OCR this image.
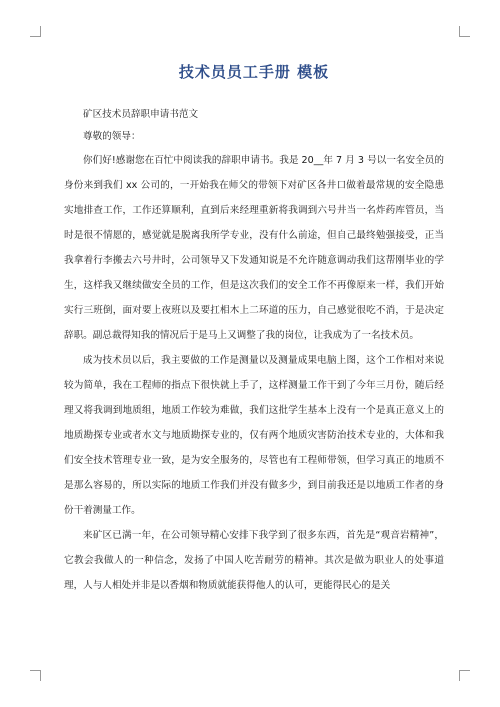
技术员员工手册 模板

矿区技术员辞职申请书范文

尊敬的领导：

你们好!感谢您在百忙中阅读我的辞职申请书。我是 20__年 7 月 3 号以一名安全员的身份来到我们 xx 公司的，一开始我在师父的带领下对矿区各井口做着最常规的安全隐患实地排查工作，工作还算顺利，直到后来经理重新将我调到六号井当一名炸药库管员，当时是很不情愿的，感觉就是脱离我所学专业，没有什么前途，但自己最终勉强接受，正当我拿着行李搬去六号井时，公司领导又下发通知说是不允许随意调动我们这帮刚毕业的学生，这样我又继续做安全员的工作，但是这次我们的安全工作不再像原来一样，我们开始实行三班倒，面对要上夜班以及要扛相木上二环道的压力，自己感觉很吃不消，于是决定辞职。副总裁得知我的情况后于是马上又调整了我的岗位，让我成为了一名技术员。

成为技术员以后，我主要做的工作是测量以及测量成果电脑上图，这个工作相对来说较为简单，我在工程师的指点下很快就上手了，这样测量工作干到了今年三月份，随后经理又将我调到地质组，地质工作较为难做，我们这批学生基本上没有一个是真正意义上的地质勘探专业或者水文与地质勘探专业的，仅有两个地质灾害防治技术专业的，大体和我们安全技术管理专业一致，是为安全服务的，尽管也有工程师带领，但学习真正的地质不是那么容易的，所以实际的地质工作我们并没有做多少，到目前我还是以地质工作者的身份干着测量工作。

来矿区已满一年，在公司领导精心安排下我学到了很多东西，首先是“观音岩精神”，它教会我做人的一种信念，发扬了中国人吃苦耐劳的精神。其次是做为职业人的处事道理，人与人相处并非是以香烟和物质就能获得他人的认可，更能得民心的是关
